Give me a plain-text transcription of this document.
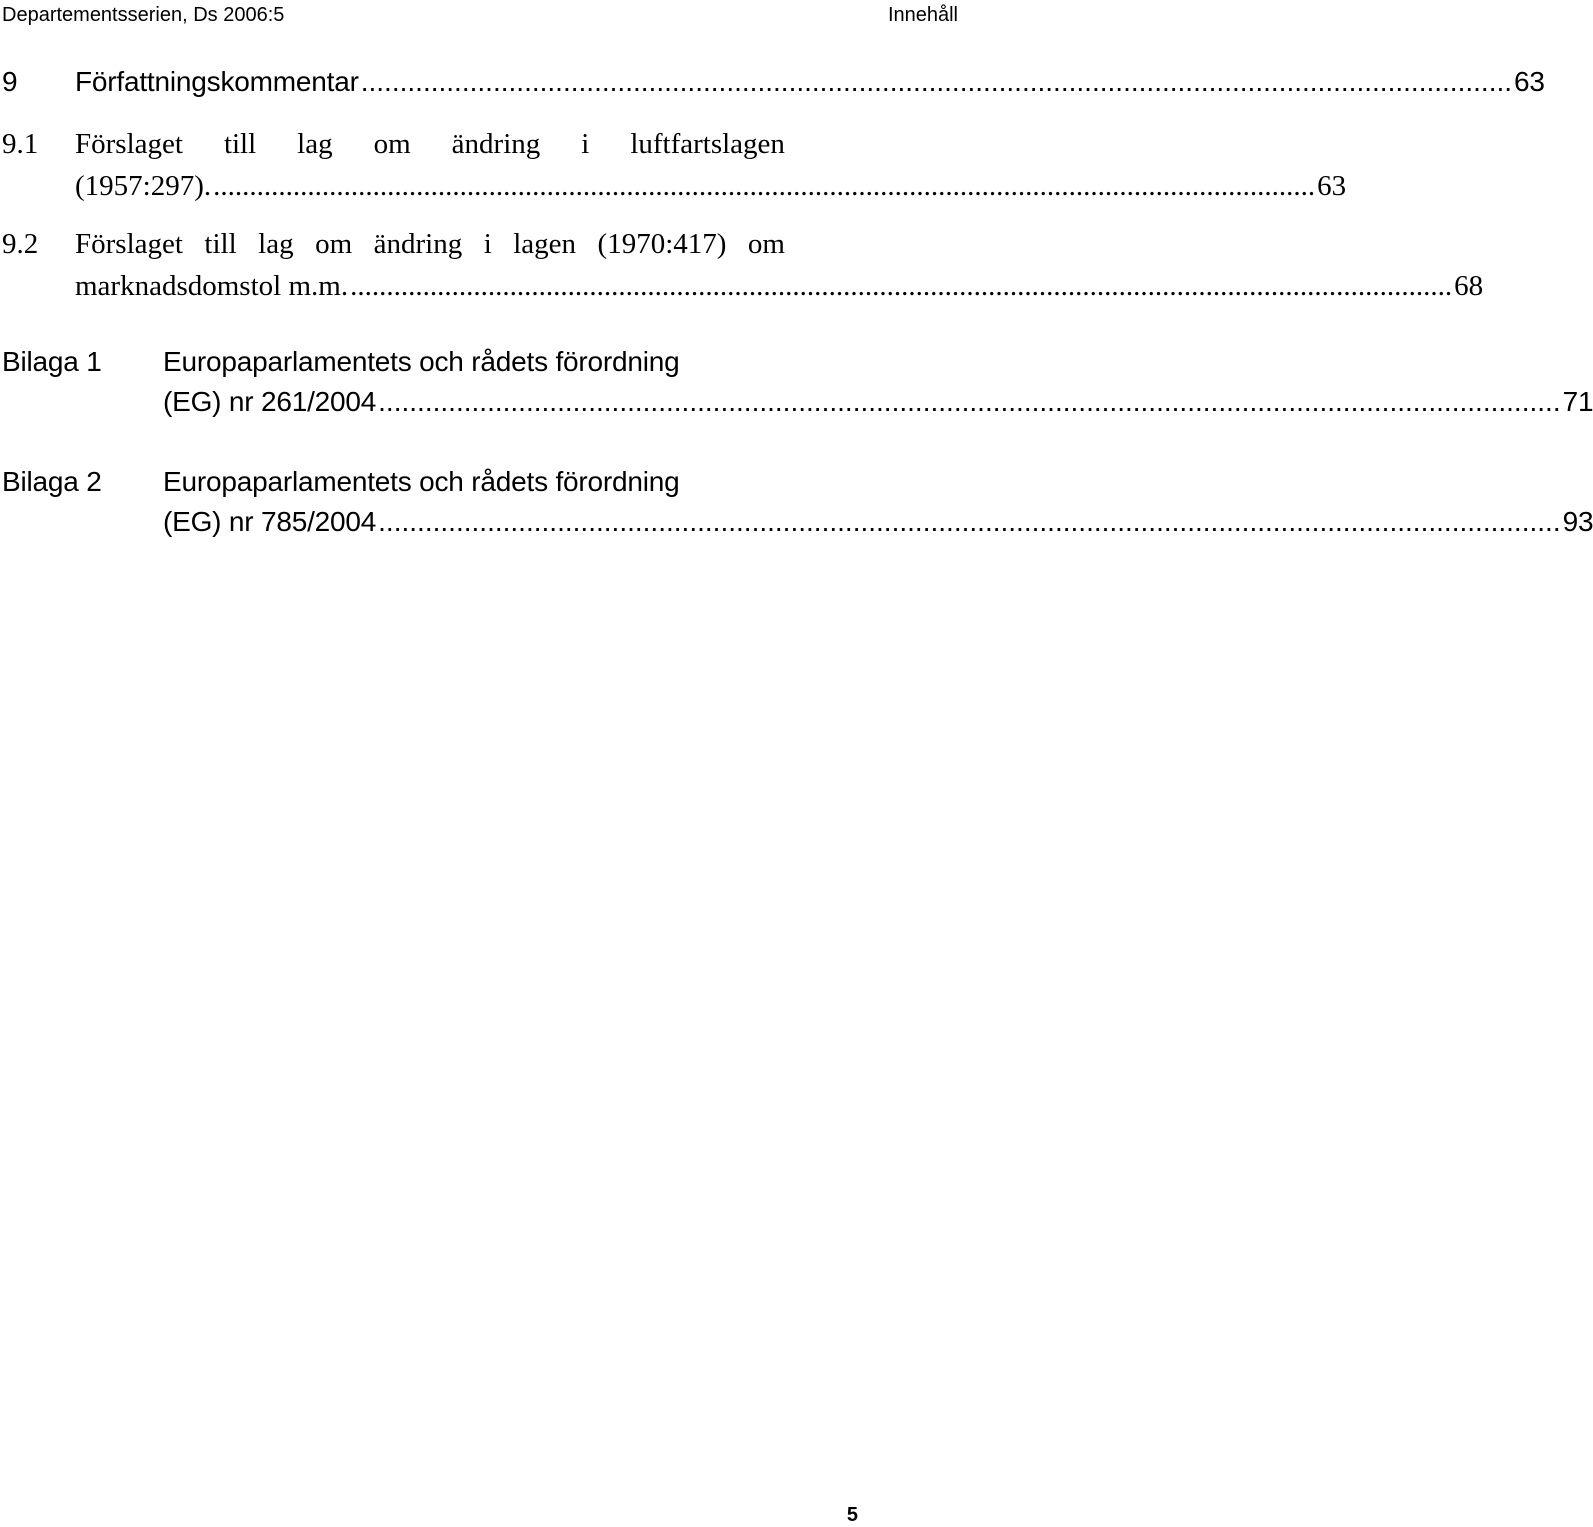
Departementsserien, Ds 2006:5	Innehåll
9 Författningskommentar .................................................................................................................................................... 63
9.1 Förslaget till lag om ändring i luftfartslagen
(1957:297). ........................................................................................................................................................ 63
9.2 Förslaget till lag om ändring i lagen (1970:417) om
marknadsdomstol m.m. ........................................................................................................................................................ 68
Bilaga 1 Europaparlamentets och rådets förordning
(EG) nr 261/2004 ........................................................................................................................................................ 71
Bilaga 2 Europaparlamentets och rådets förordning
(EG) nr 785/2004 ........................................................................................................................................................ 93
5
